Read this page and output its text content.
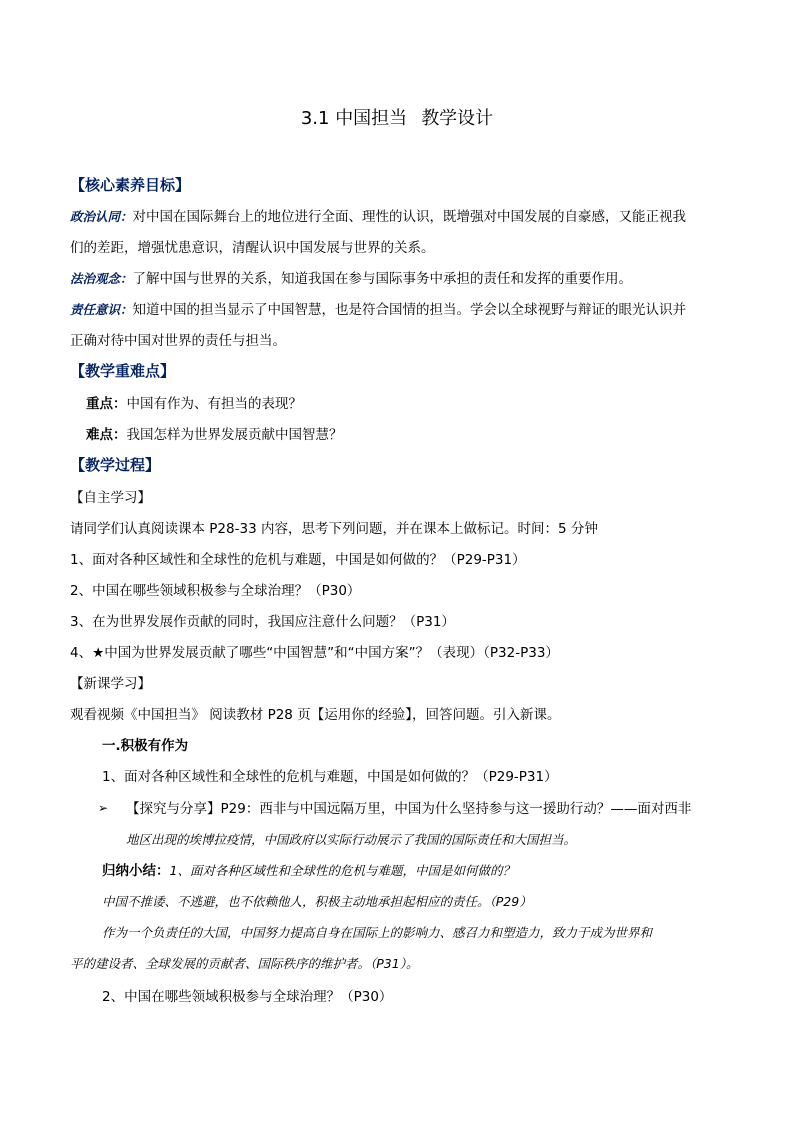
3.1 中国担当 教学设计
【核心素养目标】
政治认同：对中国在国际舞台上的地位进行全面、理性的认识，既增强对中国发展的自豪感，又能正视我
们的差距，增强忧患意识，清醒认识中国发展与世界的关系。
法治观念：了解中国与世界的关系，知道我国在参与国际事务中承担的责任和发挥的重要作用。
责任意识：知道中国的担当显示了中国智慧，也是符合国情的担当。学会以全球视野与辩证的眼光认识并
正确对待中国对世界的责任与担当。
【教学重难点】
重点：中国有作为、有担当的表现？
难点：我国怎样为世界发展贡献中国智慧？
【教学过程】
【自主学习】
请同学们认真阅读课本 P28-33 内容，思考下列问题，并在课本上做标记。时间：5 分钟
1、面对各种区域性和全球性的危机与难题，中国是如何做的？（P29-P31）
2、中国在哪些领域积极参与全球治理？（P30）
3、在为世界发展作贡献的同时，我国应注意什么问题？（P31）
4、★中国为世界发展贡献了哪些“中国智慧”和“中国方案”？（表现）（P32-P33）
【新课学习】
观看视频《中国担当》 阅读教材 P28 页【运用你的经验】，回答问题。引入新课。
一.积极有作为
1、面对各种区域性和全球性的危机与难题，中国是如何做的？（P29-P31）
➢ 【探究与分享】P29：西非与中国远隔万里，中国为什么坚持参与这一援助行动？——面对西非
地区出现的埃博拉疫情，中国政府以实际行动展示了我国的国际责任和大国担当。
归纳小结：1、面对各种区域性和全球性的危机与难题，中国是如何做的？
中国不推诿、不逃避，也不依赖他人，积极主动地承担起相应的责任。（P29）
作为一个负责任的大国，中国努力提高自身在国际上的影响力、感召力和塑造力，致力于成为世界和
平的建设者、全球发展的贡献者、国际秩序的维护者。（P31）。
2、中国在哪些领域积极参与全球治理？（P30）
